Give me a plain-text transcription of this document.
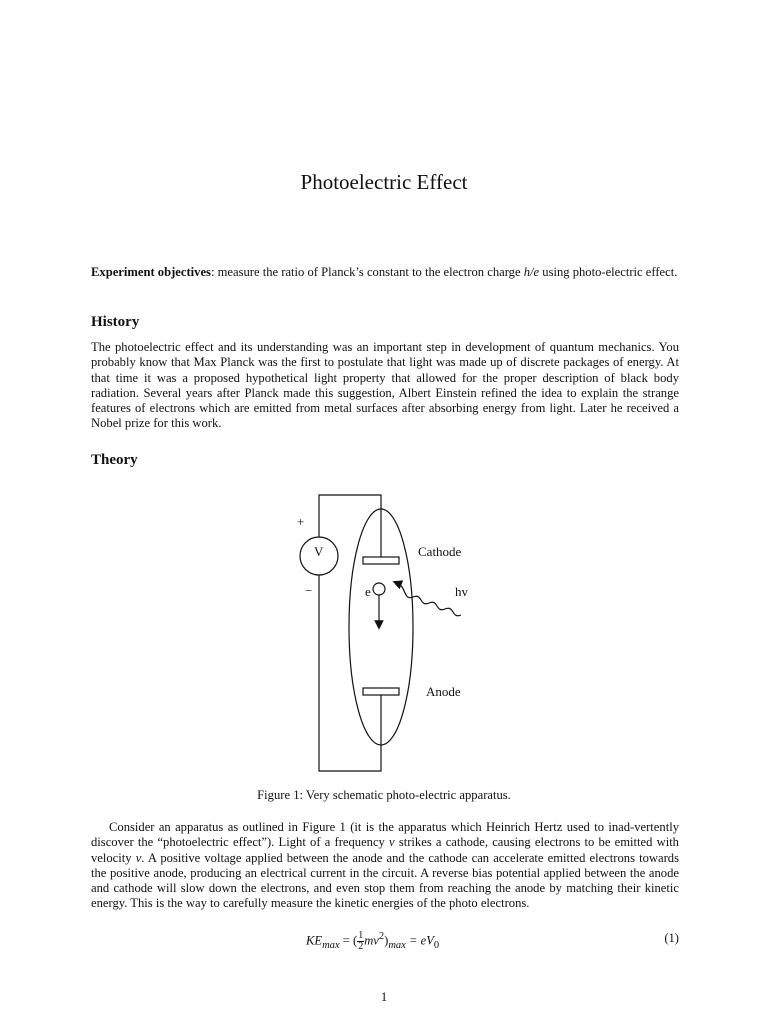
Photoelectric Effect

Experiment objectives: measure the ratio of Planck’s constant to the electron charge h/e using photo-electric effect.

History

The photoelectric effect and its understanding was an important step in development of quantum mechanics. You probably know that Max Planck was the first to postulate that light was made up of discrete packages of energy. At that time it was a proposed hypothetical light property that allowed for the proper description of black body radiation. Several years after Planck made this suggestion, Albert Einstein refined the idea to explain the strange features of electrons which are emitted from metal surfaces after absorbing energy from light. Later he received a Nobel prize for this work.

Theory
+
V
−
Cathode
e	hv
Anode
Figure 1: Very schematic photo-electric apparatus.

Consider an apparatus as outlined in Figure 1 (it is the apparatus which Heinrich Hertz used to inad-vertently discover the “photoelectric effect”). Light of a frequency ν strikes a cathode, causing electrons to be emitted with velocity v. A positive voltage applied between the anode and the cathode can accelerate emitted electrons towards the positive anode, producing an electrical current in the circuit. A reverse bias potential applied between the anode and cathode will slow down the electrons, and even stop them from reaching the anode by matching their kinetic energy. This is the way to carefully measure the kinetic energies of the photo electrons.

$KE_{max}$ = ( $\frac{1}{2} mv^2)_{max} = eV_0$
(1)
1
